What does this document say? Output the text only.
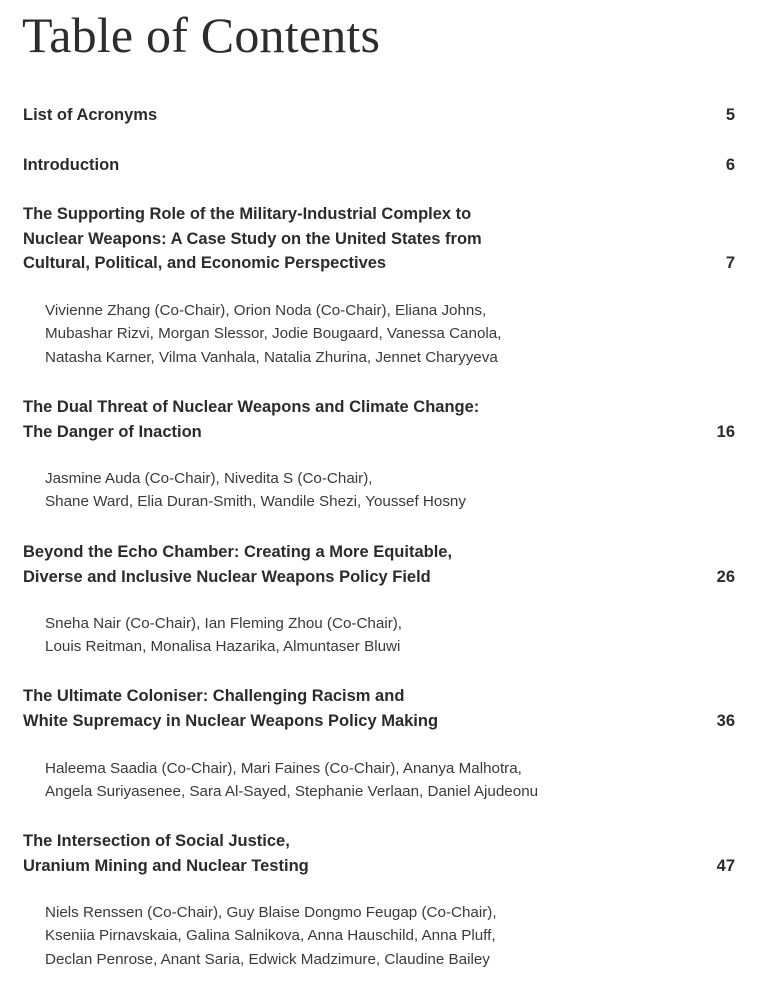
Table of Contents
List of Acronyms	5
Introduction	6
The Supporting Role of the Military-Industrial Complex to
Nuclear Weapons: A Case Study on the United States from
Cultural, Political, and Economic Perspectives	7
Vivienne Zhang (Co-Chair), Orion Noda (Co-Chair), Eliana Johns,
Mubashar Rizvi, Morgan Slessor, Jodie Bougaard, Vanessa Canola,
Natasha Karner, Vilma Vanhala, Natalia Zhurina, Jennet Charyyeva
The Dual Threat of Nuclear Weapons and Climate Change:
The Danger of Inaction	16
Jasmine Auda (Co-Chair), Nivedita S (Co-Chair),
Shane Ward, Elia Duran-Smith, Wandile Shezi, Youssef Hosny
Beyond the Echo Chamber: Creating a More Equitable,
Diverse and Inclusive Nuclear Weapons Policy Field	26
Sneha Nair (Co-Chair), Ian Fleming Zhou (Co-Chair),
Louis Reitman, Monalisa Hazarika, Almuntaser Bluwi
The Ultimate Coloniser: Challenging Racism and
White Supremacy in Nuclear Weapons Policy Making	36
Haleema Saadia (Co-Chair), Mari Faines (Co-Chair), Ananya Malhotra,
Angela Suriyasenee, Sara Al-Sayed, Stephanie Verlaan, Daniel Ajudeonu
The Intersection of Social Justice,
Uranium Mining and Nuclear Testing	47
Niels Renssen (Co-Chair), Guy Blaise Dongmo Feugap (Co-Chair),
Kseniia Pirnavskaia, Galina Salnikova, Anna Hauschild, Anna Pluff,
Declan Penrose, Anant Saria, Edwick Madzimure, Claudine Bailey
